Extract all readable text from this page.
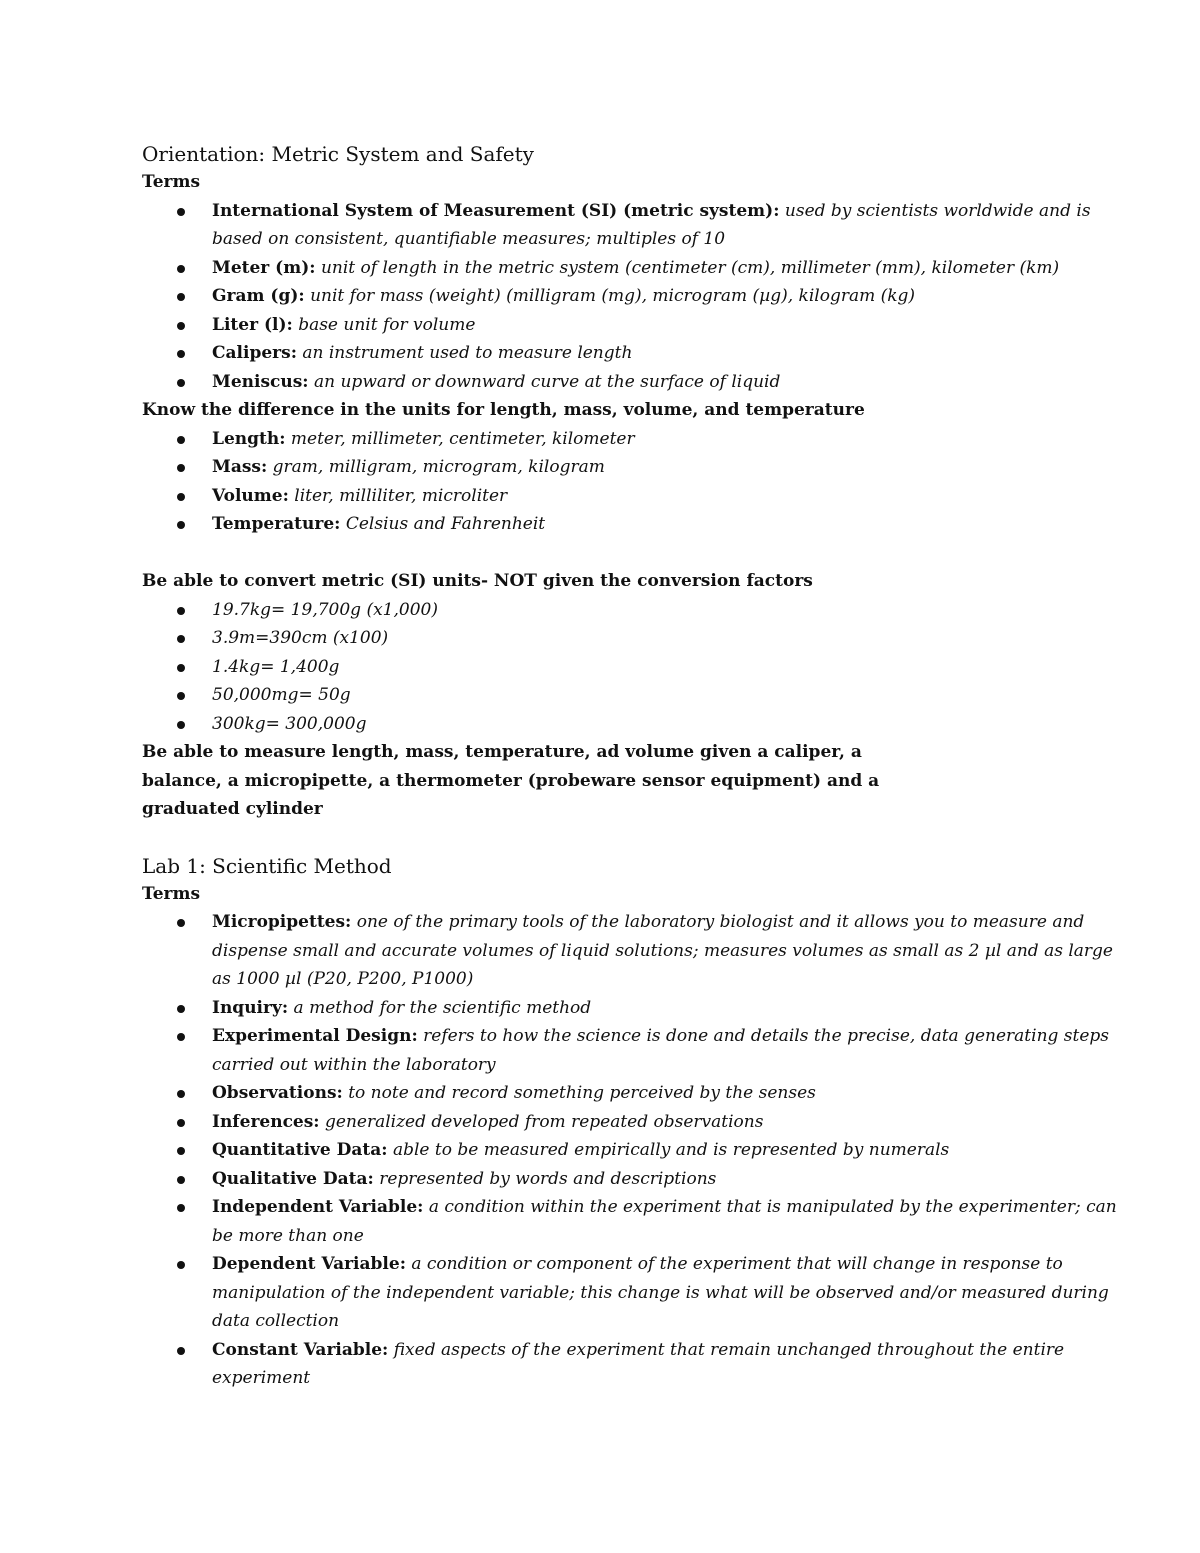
Orientation: Metric System and Safety

Terms

International System of Measurement (SI) (metric system): used by scientists worldwide and is based on consistent, quantifiable measures; multiples of 10
Meter (m): unit of length in the metric system (centimeter (cm), millimeter (mm), kilometer (km)
Gram (g): unit for mass (weight) (milligram (mg), microgram (µg), kilogram (kg)
Liter (l): base unit for volume
Calipers: an instrument used to measure length
Meniscus: an upward or downward curve at the surface of liquid

Know the difference in the units for length, mass, volume, and temperature

Length: meter, millimeter, centimeter, kilometer
Mass: gram, milligram, microgram, kilogram
Volume: liter, milliliter, microliter
Temperature: Celsius and Fahrenheit

Be able to convert metric (SI) units- NOT given the conversion factors

19.7kg= 19,700g (x1,000)
3.9m=390cm (x100)
1.4kg= 1,400g
50,000mg= 50g
300kg= 300,000g

Be able to measure length, mass, temperature, ad volume given a caliper, a balance, a micropipette, a thermometer (probeware sensor equipment) and a graduated cylinder

Lab 1: Scientific Method

Terms

Micropipettes: one of the primary tools of the laboratory biologist and it allows you to measure and dispense small and accurate volumes of liquid solutions; measures volumes as small as 2 µl and as large as 1000 µl (P20, P200, P1000)
Inquiry: a method for the scientific method
Experimental Design: refers to how the science is done and details the precise, data generating steps carried out within the laboratory
Observations: to note and record something perceived by the senses
Inferences: generalized developed from repeated observations
Quantitative Data: able to be measured empirically and is represented by numerals
Qualitative Data: represented by words and descriptions
Independent Variable: a condition within the experiment that is manipulated by the experimenter; can be more than one
Dependent Variable: a condition or component of the experiment that will change in response to manipulation of the independent variable; this change is what will be observed and/or measured during data collection
Constant Variable: fixed aspects of the experiment that remain unchanged throughout the entire experiment
